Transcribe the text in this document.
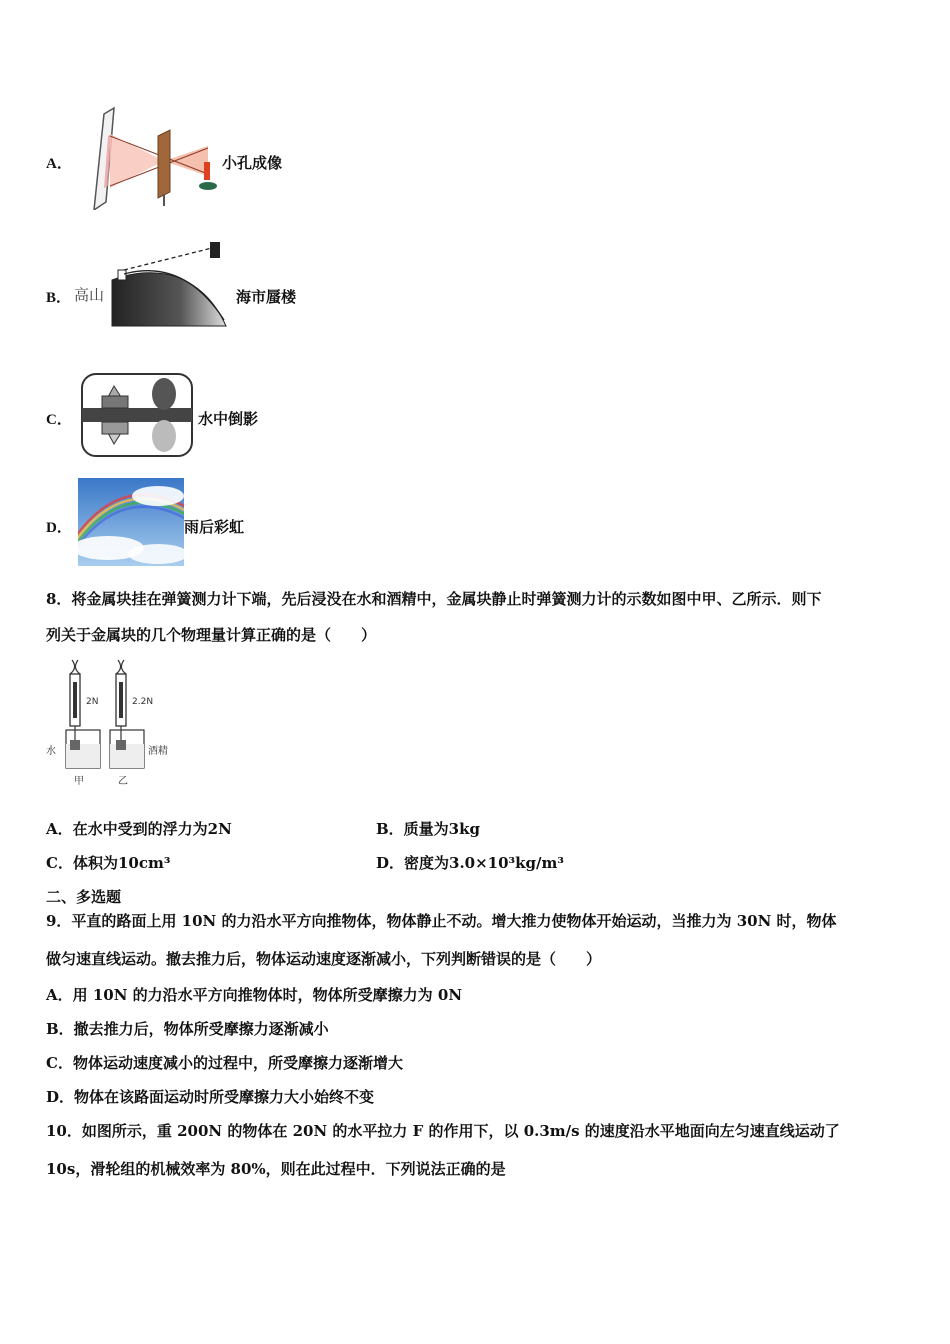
A．	小孔成像
B． 高山	海市蜃楼
C．	水中倒影
D．	雨后彩虹
8．将金属块挂在弹簧测力计下端，先后浸没在水和酒精中，金属块静止时弹簧测力计的示数如图中甲、乙所示．则下
列关于金属块的几个物理量计算正确的是（　　）
2N
水
甲
2.2N
酒精
乙
A．在水中受到的浮力为2N	B．质量为3kg
C．体积为10cm³	D．密度为3.0×10³kg/m³
二、多选题
9．平直的路面上用 10N 的力沿水平方向推物体，物体静止不动。增大推力使物体开始运动，当推力为 30N 时，物体
做匀速直线运动。撤去推力后，物体运动速度逐渐减小，下列判断错误的是（　　）
A．用 10N 的力沿水平方向推物体时，物体所受摩擦力为 0N
B．撤去推力后，物体所受摩擦力逐渐减小
C．物体运动速度减小的过程中，所受摩擦力逐渐增大
D．物体在该路面运动时所受摩擦力大小始终不变
10．如图所示，重 200N 的物体在 20N 的水平拉力 F 的作用下，以 0.3m/s 的速度沿水平地面向左匀速直线运动了
10s，滑轮组的机械效率为 80%，则在此过程中．下列说法正确的是
